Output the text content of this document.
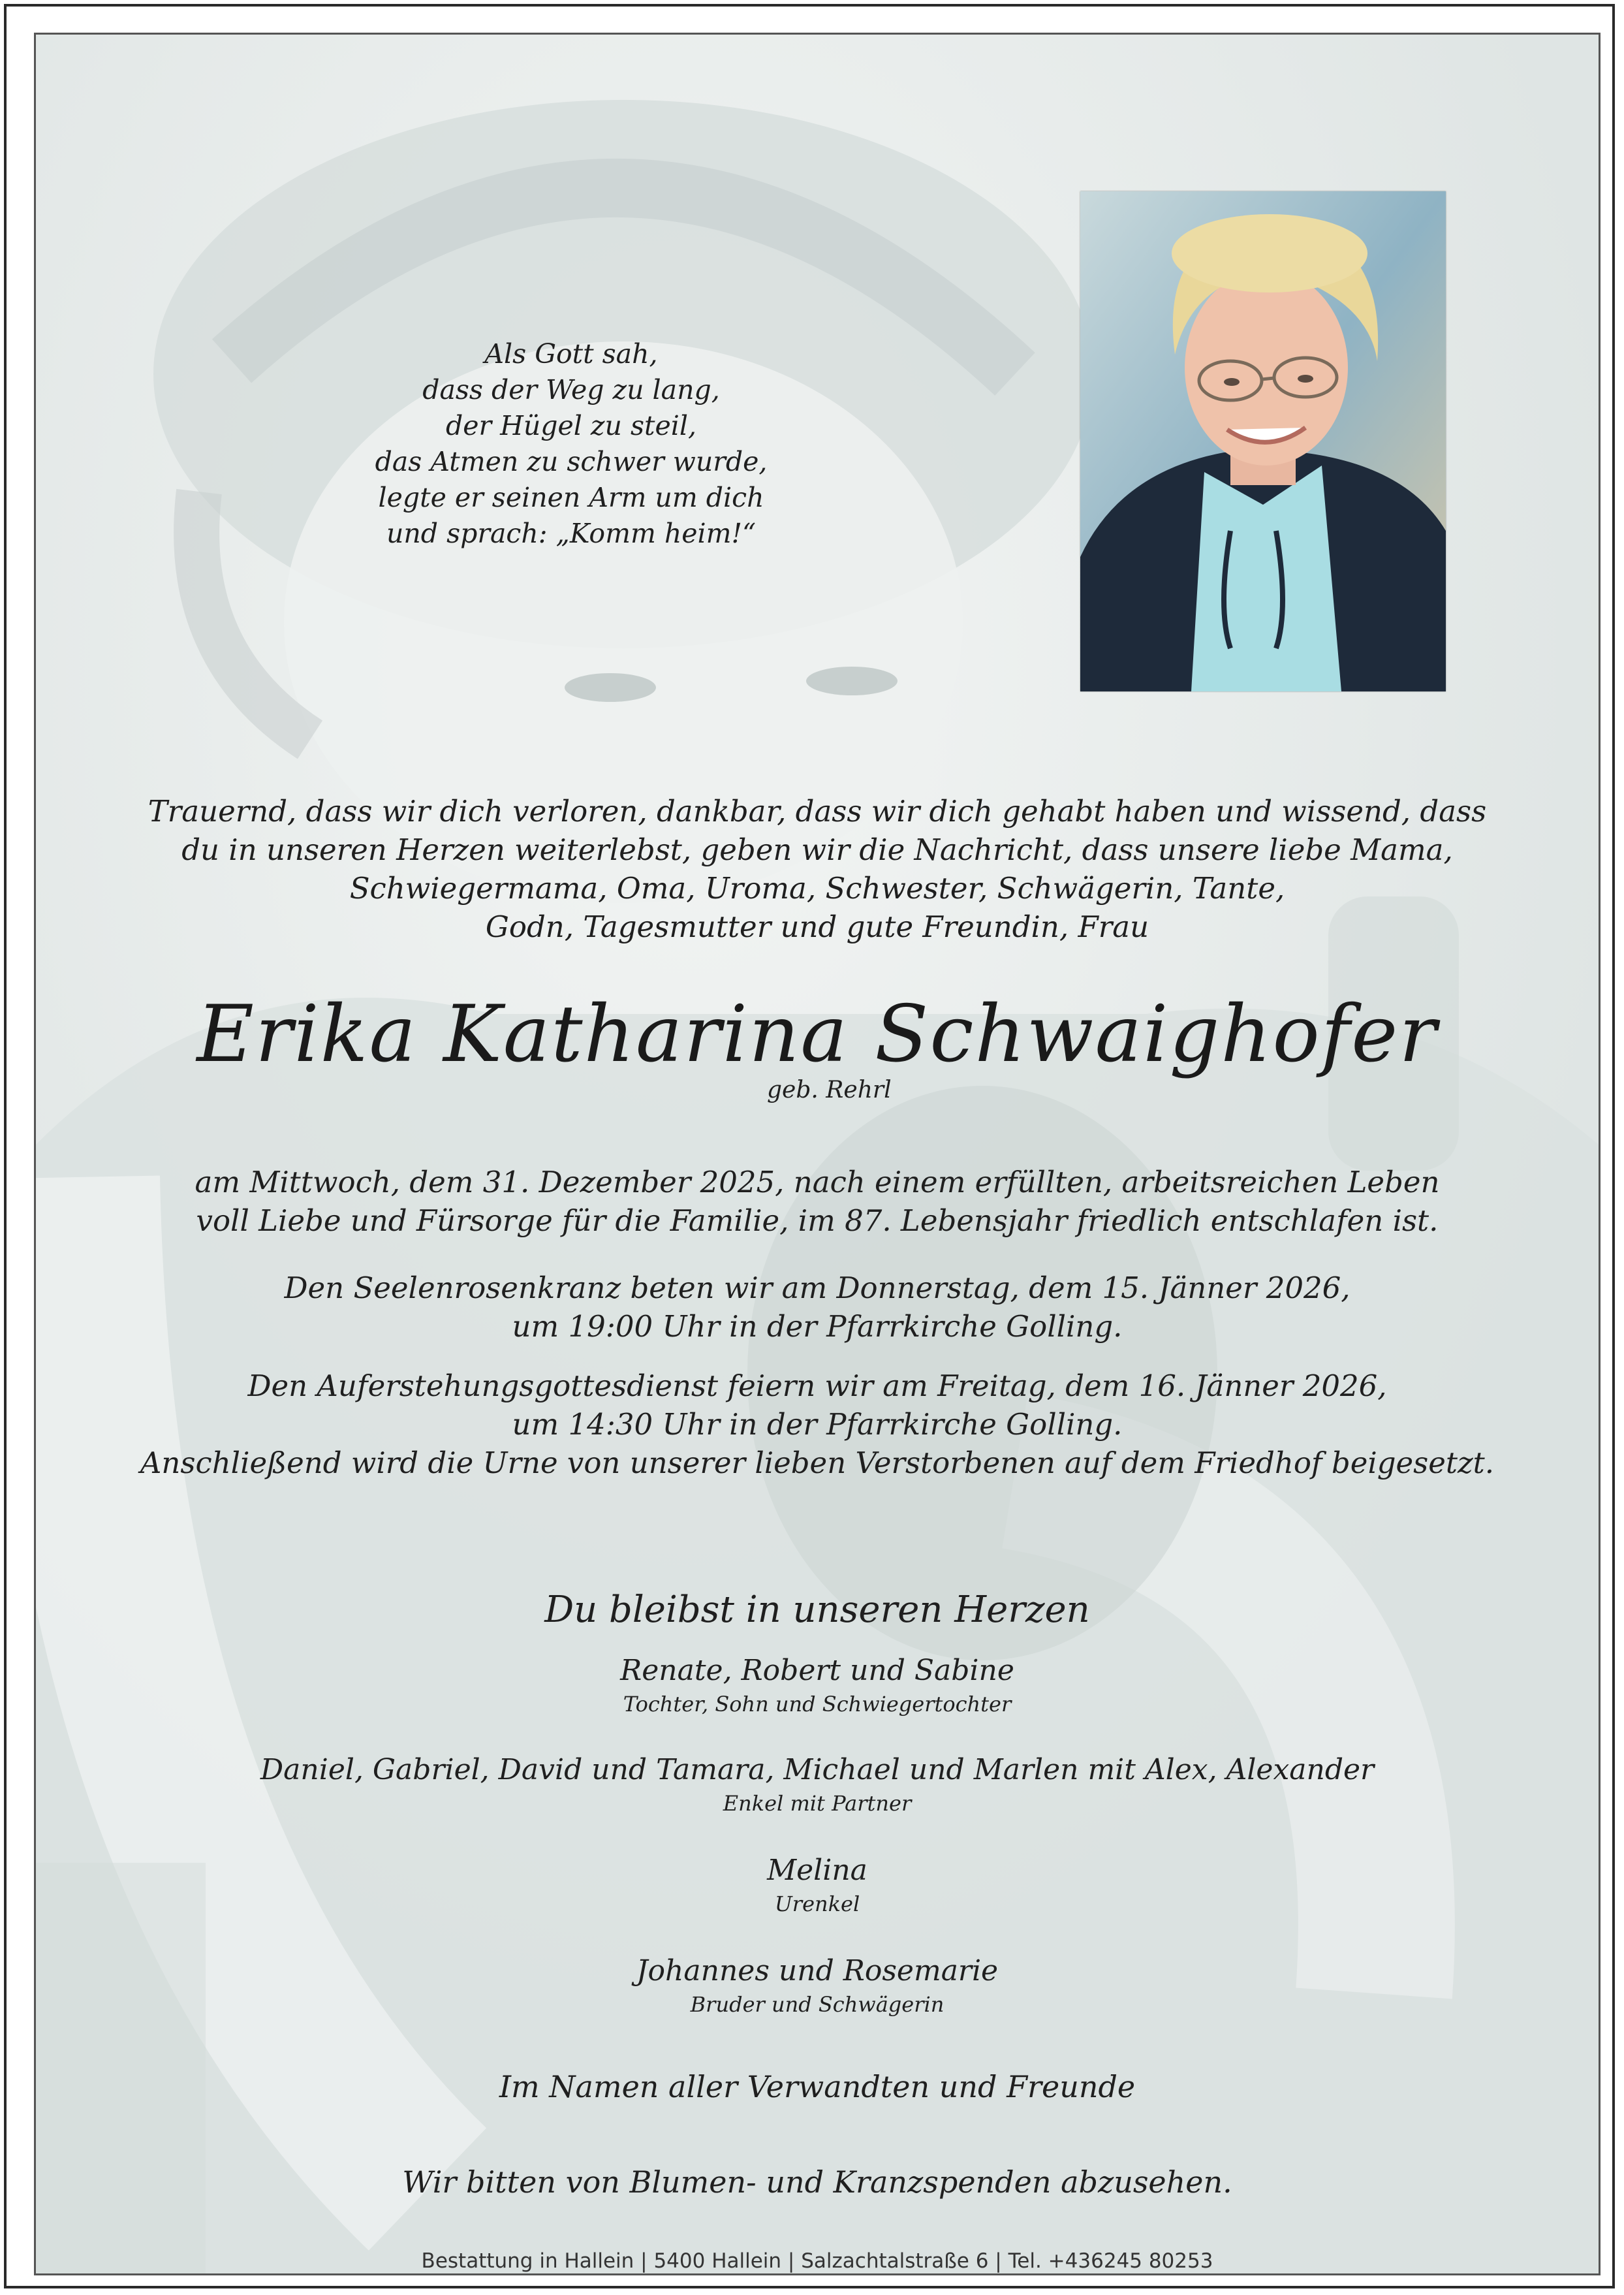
Als Gott sah,
dass der Weg zu lang,
der Hügel zu steil,
das Atmen zu schwer wurde,
legte er seinen Arm um dich
und sprach: „Komm heim!“
Trauernd, dass wir dich verloren, dankbar, dass wir dich gehabt haben und wissend, dass
du in unseren Herzen weiterlebst, geben wir die Nachricht, dass unsere liebe Mama,
Schwiegermama, Oma, Uroma, Schwester, Schwägerin, Tante,
Godn, Tagesmutter und gute Freundin, Frau
Erika Katharina Schwaighofer
geb. Rehrl
am Mittwoch, dem 31. Dezember 2025, nach einem erfüllten, arbeitsreichen Leben
voll Liebe und Fürsorge für die Familie, im 87. Lebensjahr friedlich entschlafen ist.
Den Seelenrosenkranz beten wir am Donnerstag, dem 15. Jänner 2026,
um 19:00 Uhr in der Pfarrkirche Golling.
Den Auferstehungsgottesdienst feiern wir am Freitag, dem 16. Jänner 2026,
um 14:30 Uhr in der Pfarrkirche Golling.
Anschließend wird die Urne von unserer lieben Verstorbenen auf dem Friedhof beigesetzt.
Du bleibst in unseren Herzen
Renate, Robert und Sabine
Tochter, Sohn und Schwiegertochter
Daniel, Gabriel, David und Tamara, Michael und Marlen mit Alex, Alexander
Enkel mit Partner
Melina
Urenkel
Johannes und Rosemarie
Bruder und Schwägerin
Im Namen aller Verwandten und Freunde
Wir bitten von Blumen- und Kranzspenden abzusehen.
Bestattung in Hallein | 5400 Hallein | Salzachtalstraße 6 | Tel. +436245 80253
